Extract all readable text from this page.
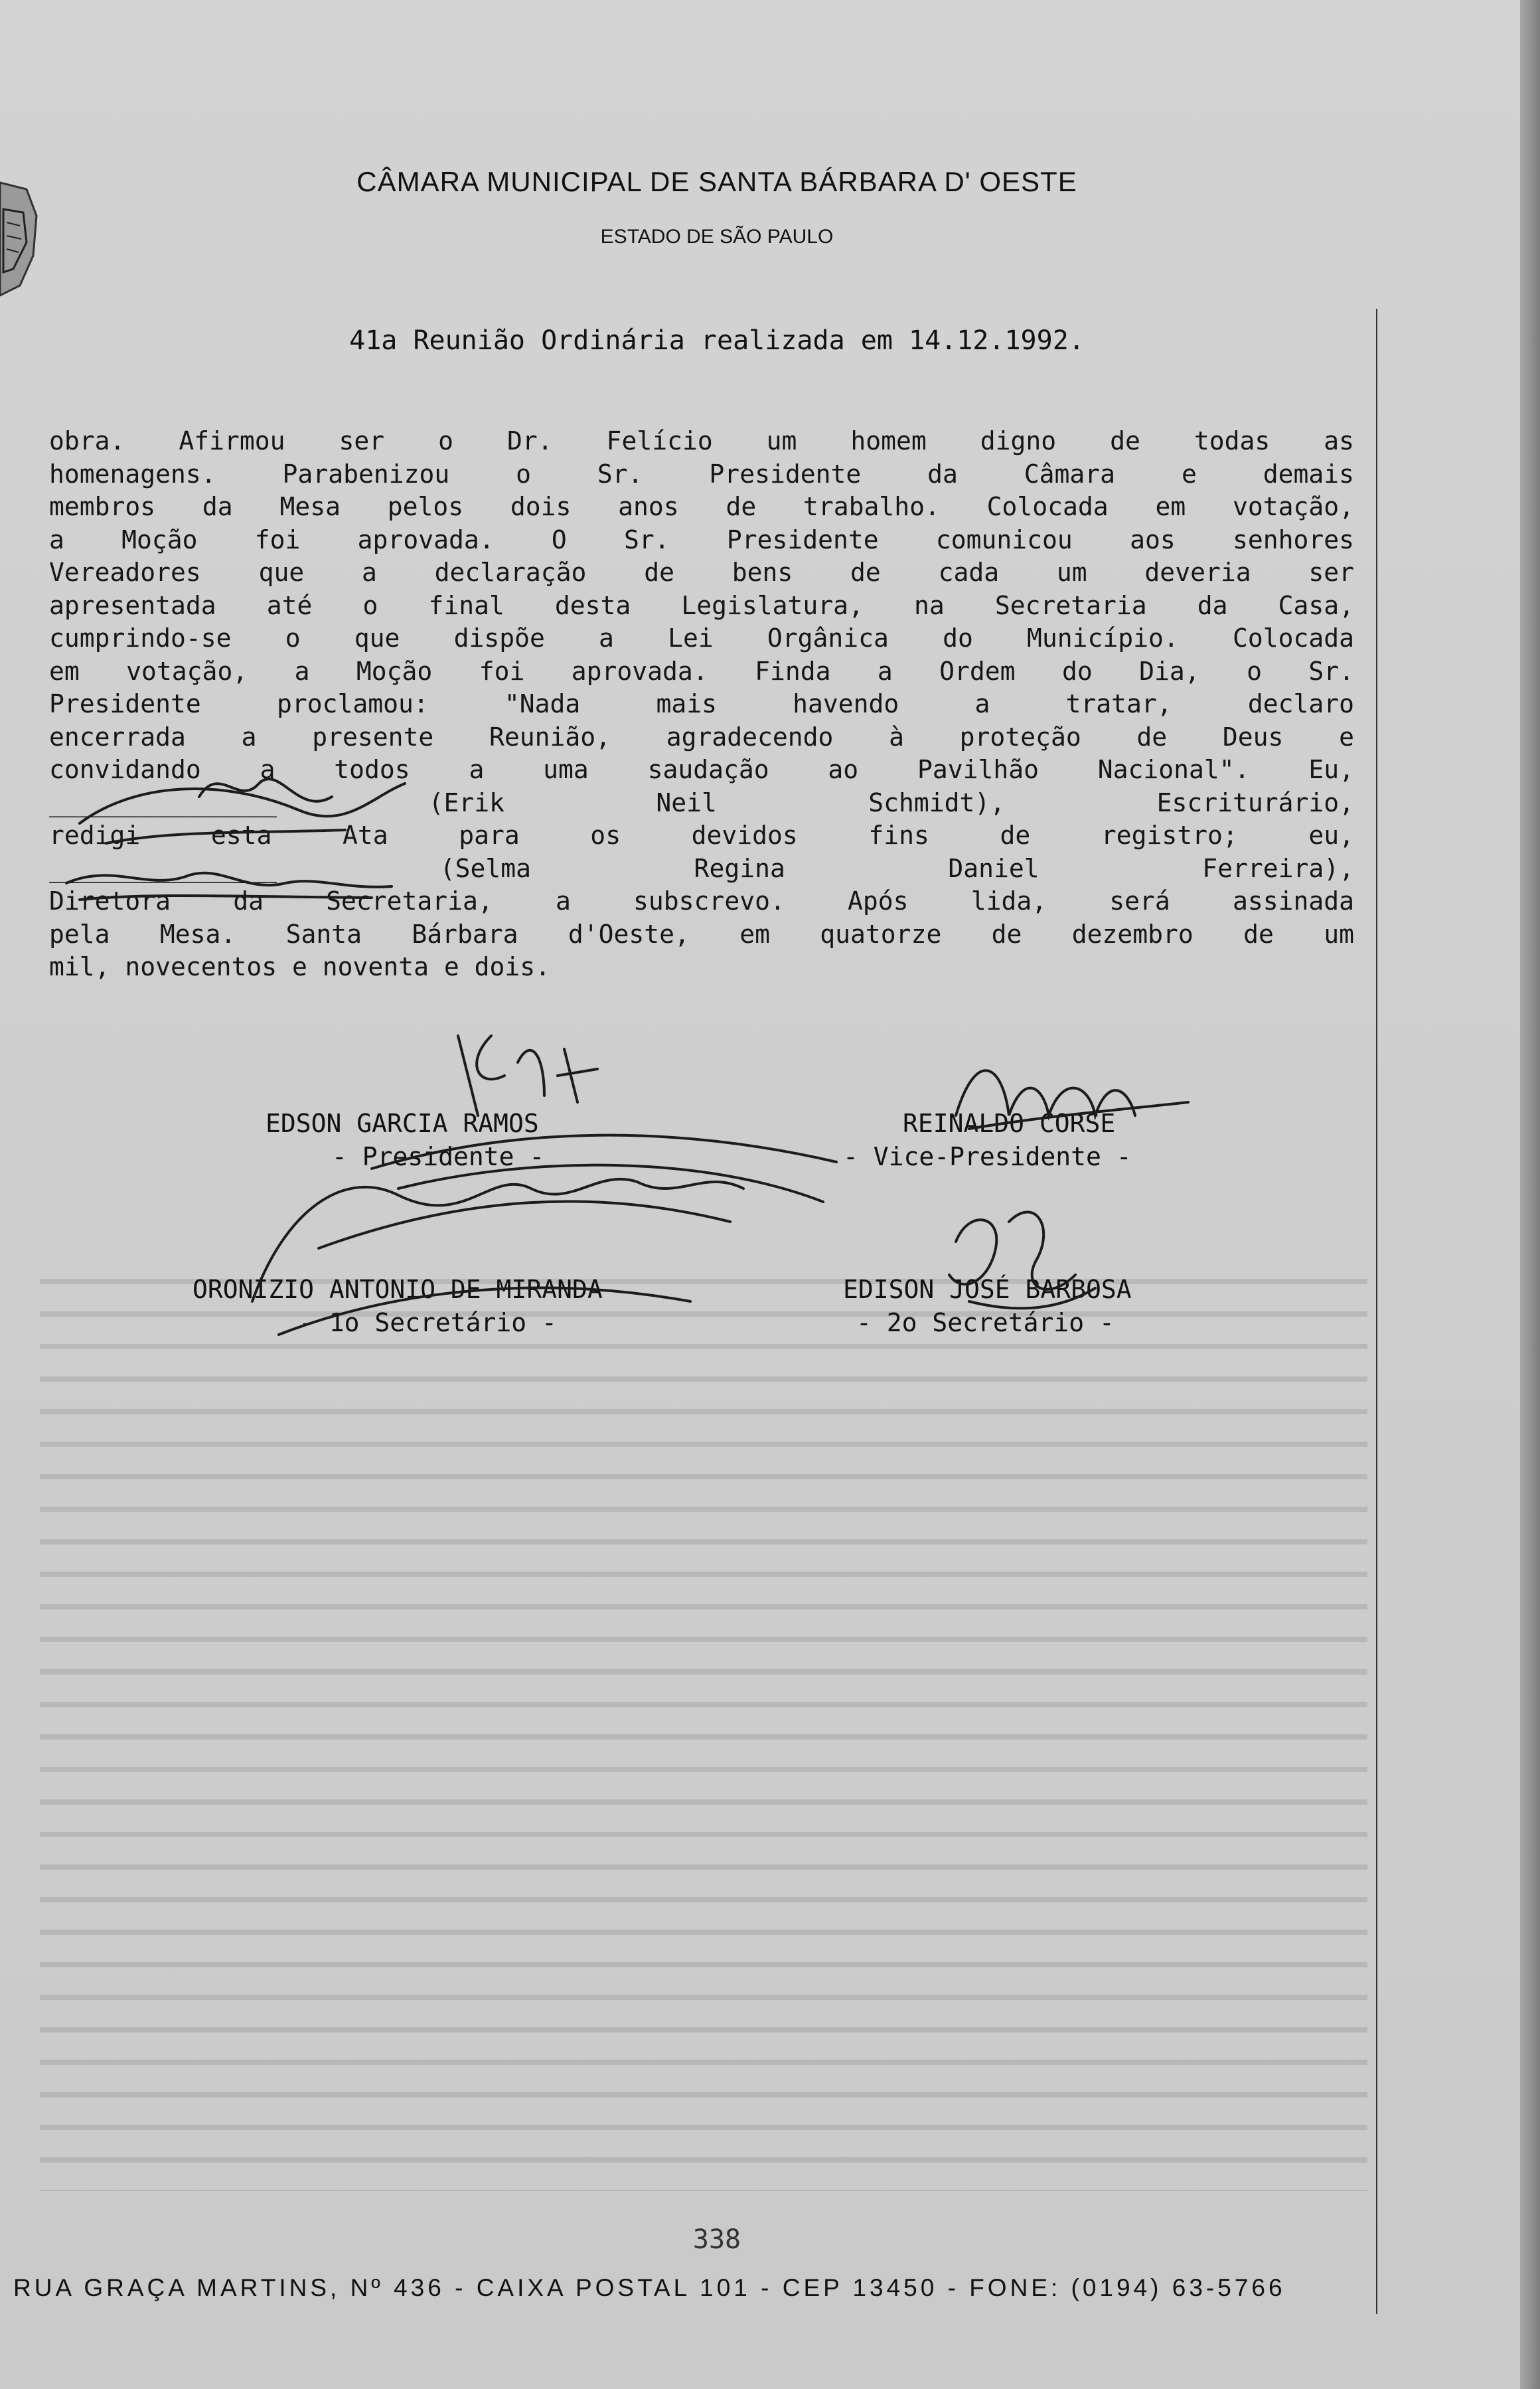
CÂMARA MUNICIPAL DE SANTA BÁRBARA D' OESTE
ESTADO DE SÃO PAULO
41a Reunião Ordinária realizada em 14.12.1992.
obra. Afirmou ser o Dr. Felício um homem digno de todas as
homenagens. Parabenizou o Sr. Presidente da Câmara e demais
membros da Mesa pelos dois anos de trabalho. Colocada em votação,
a Moção foi aprovada. O Sr. Presidente comunicou aos senhores
Vereadores que a declaração de bens de cada um deveria ser
apresentada até o final desta Legislatura, na Secretaria da Casa,
cumprindo-se o que dispõe a Lei Orgânica do Município. Colocada
em votação, a Moção foi aprovada. Finda a Ordem do Dia, o Sr.
Presidente proclamou: "Nada mais havendo a tratar, declaro
encerrada a presente Reunião, agradecendo à proteção de Deus e
convidando a todos a uma saudação ao Pavilhão Nacional". Eu,
_______________ (Erik Neil Schmidt), Escriturário,
redigi esta Ata para os devidos fins de registro; eu,
_______________ (Selma Regina Daniel Ferreira),
Diretora da Secretaria, a subscrevo. Após lida, será assinada
pela Mesa. Santa Bárbara d'Oeste, em quatorze de dezembro de um
mil, novecentos e noventa e dois.
EDSON GARCIA RAMOS
- Presidente -
REINALDO CORSE
- Vice-Presidente -
ORONIZIO ANTONIO DE MIRANDA
- 1o Secretário -
EDISON JOSÉ BARBOSA
- 2o Secretário -
338
RUA GRAÇA MARTINS, Nº 436 - CAIXA POSTAL 101 - CEP 13450 - FONE: (0194) 63-5766
